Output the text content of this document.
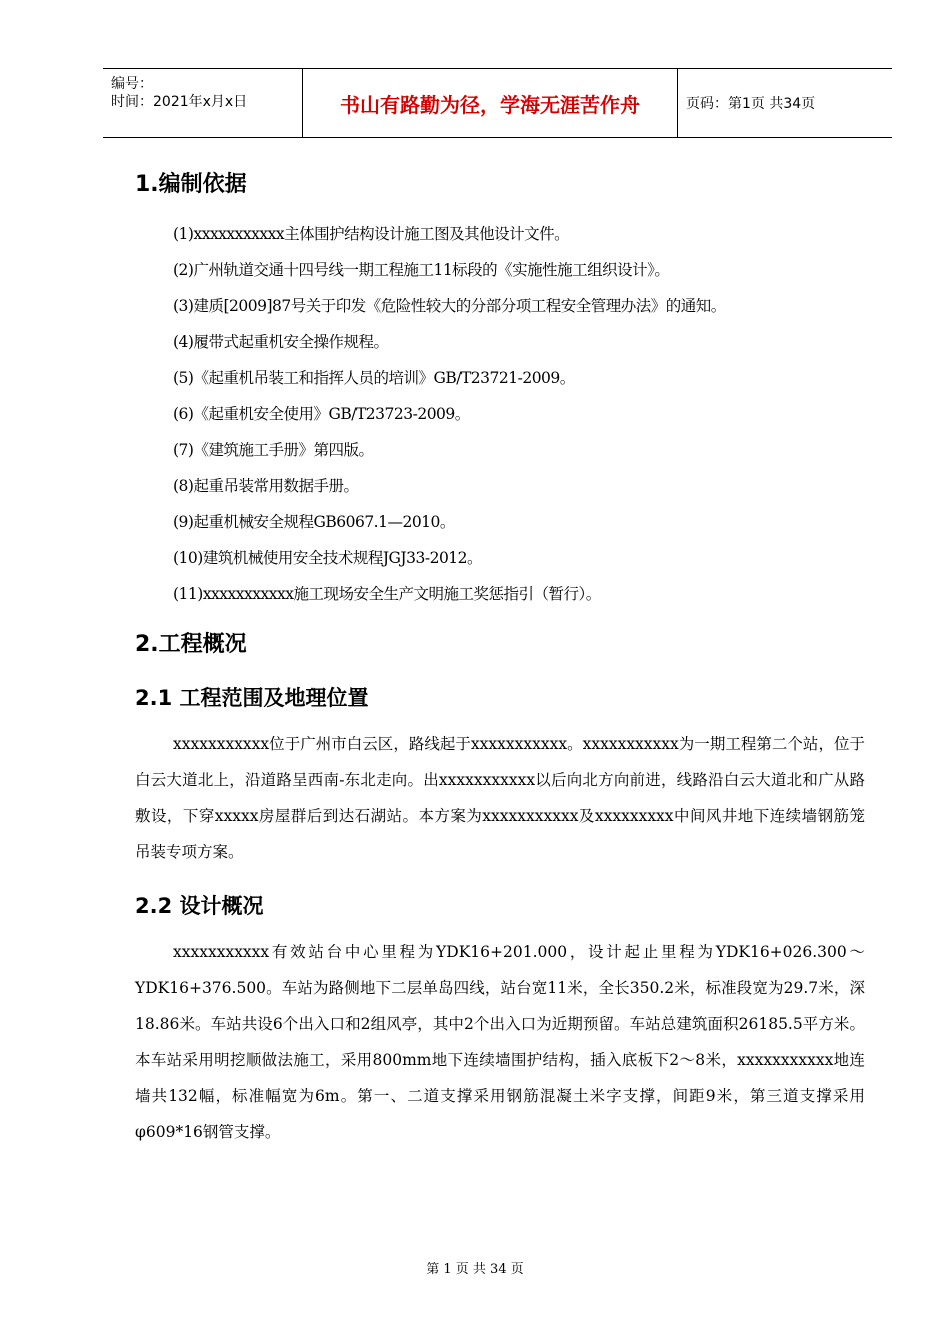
编号：
时间：2021年x月x日	书山有路勤为径，学海无涯苦作舟	页码：第1页 共34页
1.编制依据
(1)xxxxxxxxxxx主体围护结构设计施工图及其他设计文件。
(2)广州轨道交通十四号线一期工程施工11标段的《实施性施工组织设计》。
(3)建质[2009]87号关于印发《危险性较大的分部分项工程安全管理办法》的通知。
(4)履带式起重机安全操作规程。
(5)《起重机吊装工和指挥人员的培训》GB/T23721-2009。
(6)《起重机安全使用》GB/T23723-2009。
(7)《建筑施工手册》第四版。
(8)起重吊装常用数据手册。
(9)起重机械安全规程GB6067.1—2010。
(10)建筑机械使用安全技术规程JGJ33-2012。
(11)xxxxxxxxxxx施工现场安全生产文明施工奖惩指引（暂行）。
2.工程概况
2.1 工程范围及地理位置

xxxxxxxxxxx位于广州市白云区，路线起于xxxxxxxxxxx。xxxxxxxxxxx为一期工程第二个站，位于白云大道北上，沿道路呈西南-东北走向。出xxxxxxxxxxx以后向北方向前进，线路沿白云大道北和广从路敷设，下穿xxxxx房屋群后到达石湖站。本方案为xxxxxxxxxxx及xxxxxxxxx中间风井地下连续墙钢筋笼吊装专项方案。

2.2 设计概况

xxxxxxxxxxx有效站台中心里程为YDK16+201.000，设计起止里程为YDK16+026.300～YDK16+376.500。车站为路侧地下二层单岛四线，站台宽11米，全长350.2米，标准段宽为29.7米，深18.86米。车站共设6个出入口和2组风亭，其中2个出入口为近期预留。车站总建筑面积26185.5平方米。本车站采用明挖顺做法施工，采用800mm地下连续墙围护结构，插入底板下2～8米，xxxxxxxxxxx地连墙共132幅，标准幅宽为6m。第一、二道支撑采用钢筋混凝土米字支撑，间距9米，第三道支撑采用φ609*16钢管支撑。

第 1 页 共 34 页
